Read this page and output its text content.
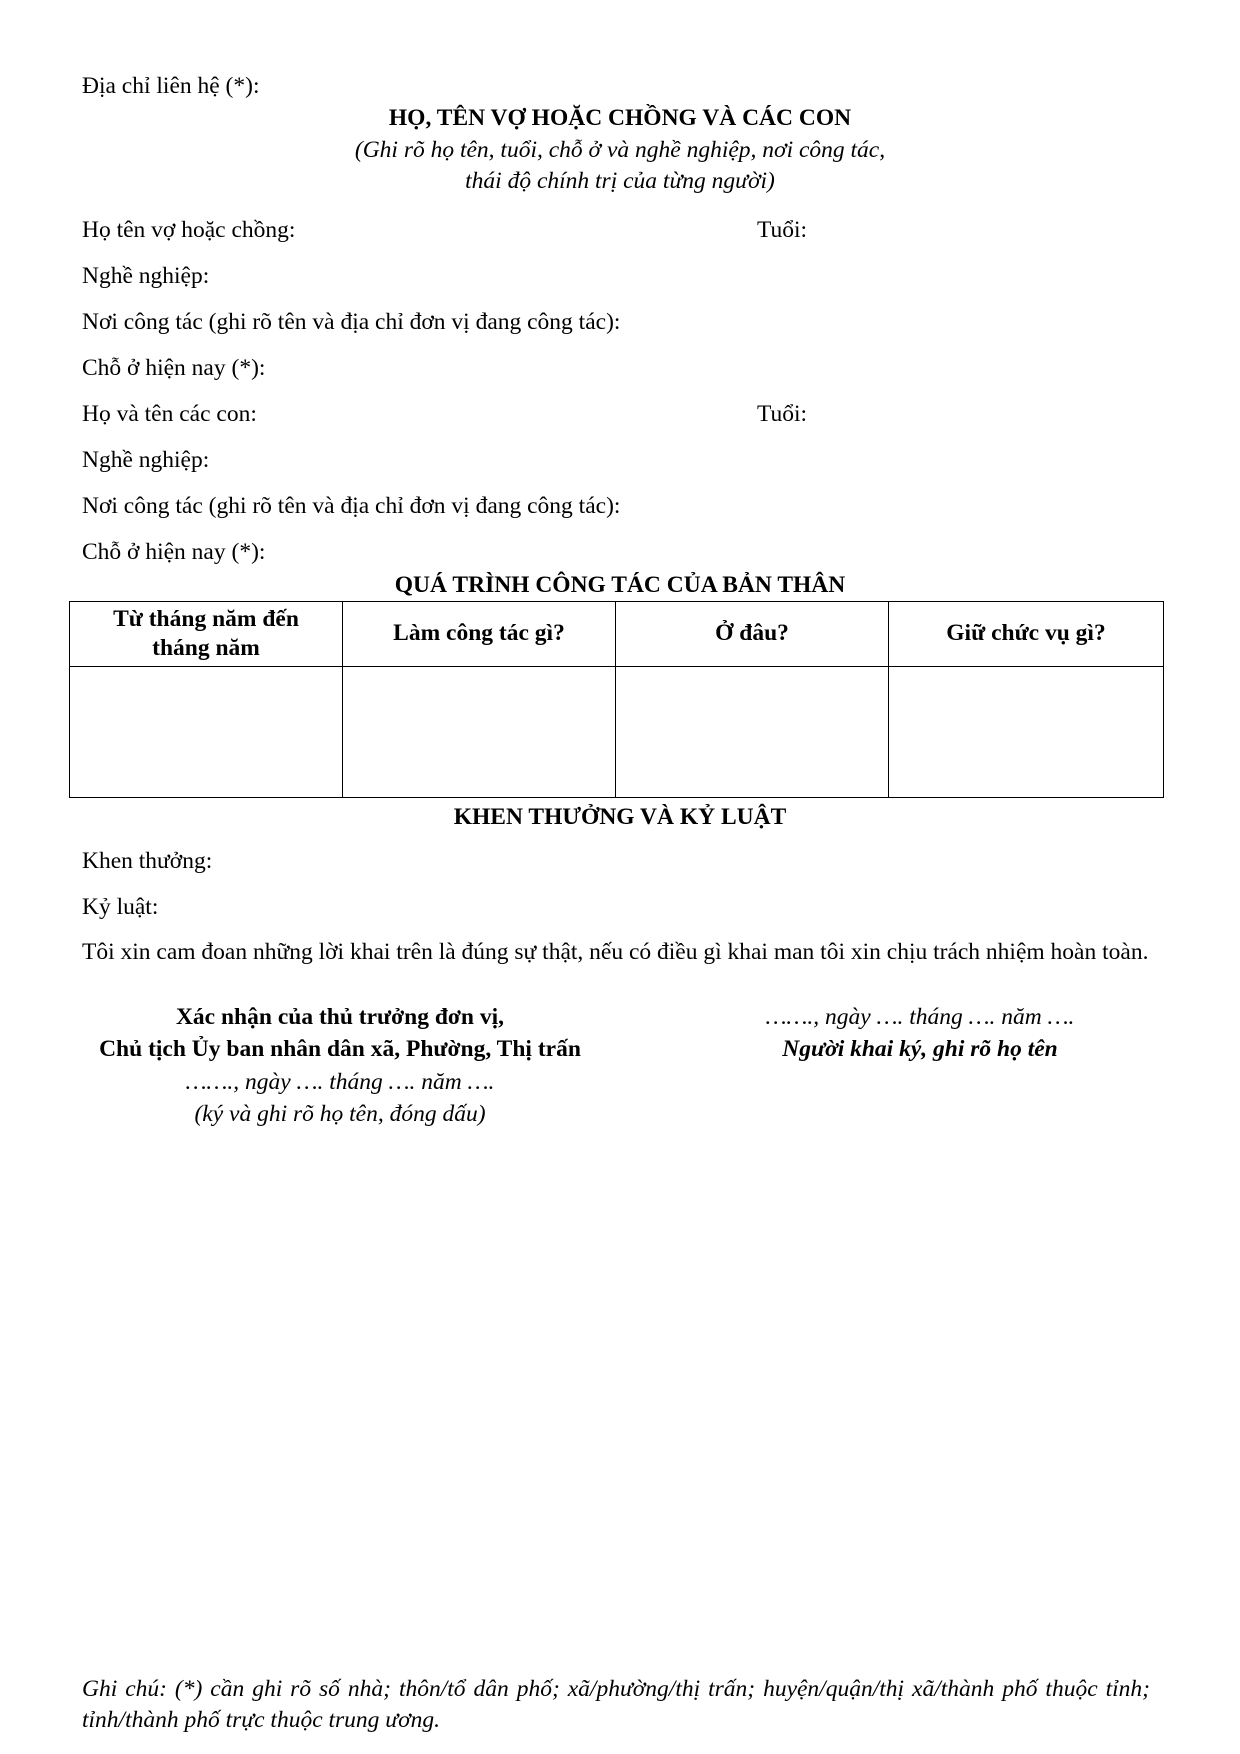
Địa chỉ liên hệ (*):
HỌ, TÊN VỢ HOẶC CHỒNG VÀ CÁC CON
(Ghi rõ họ tên, tuổi, chỗ ở và nghề nghiệp, nơi công tác,
thái độ chính trị của từng người)
Họ tên vợ hoặc chồng:	Tuổi:
Nghề nghiệp:
Nơi công tác (ghi rõ tên và địa chỉ đơn vị đang công tác):
Chỗ ở hiện nay (*):
Họ và tên các con:	Tuổi:
Nghề nghiệp:
Nơi công tác (ghi rõ tên và địa chỉ đơn vị đang công tác):
Chỗ ở hiện nay (*):
QUÁ TRÌNH CÔNG TÁC CỦA BẢN THÂN
Từ tháng năm đến tháng năm	Làm công tác gì?	Ở đâu?	Giữ chức vụ gì?

KHEN THƯỞNG VÀ KỶ LUẬT
Khen thưởng:
Kỷ luật:
Tôi xin cam đoan những lời khai trên là đúng sự thật, nếu có điều gì khai man tôi xin chịu trách nhiệm hoàn toàn.
Xác nhận của thủ trưởng đơn vị,
Chủ tịch Ủy ban nhân dân xã, Phường, Thị trấn
……., ngày …. tháng …. năm ….
(ký và ghi rõ họ tên, đóng dấu)
……., ngày …. tháng …. năm ….
Người khai ký, ghi rõ họ tên
Ghi chú: (*) cần ghi rõ số nhà; thôn/tổ dân phố; xã/phường/thị trấn; huyện/quận/thị xã/thành phố thuộc tỉnh; tỉnh/thành phố trực thuộc trung ương.
